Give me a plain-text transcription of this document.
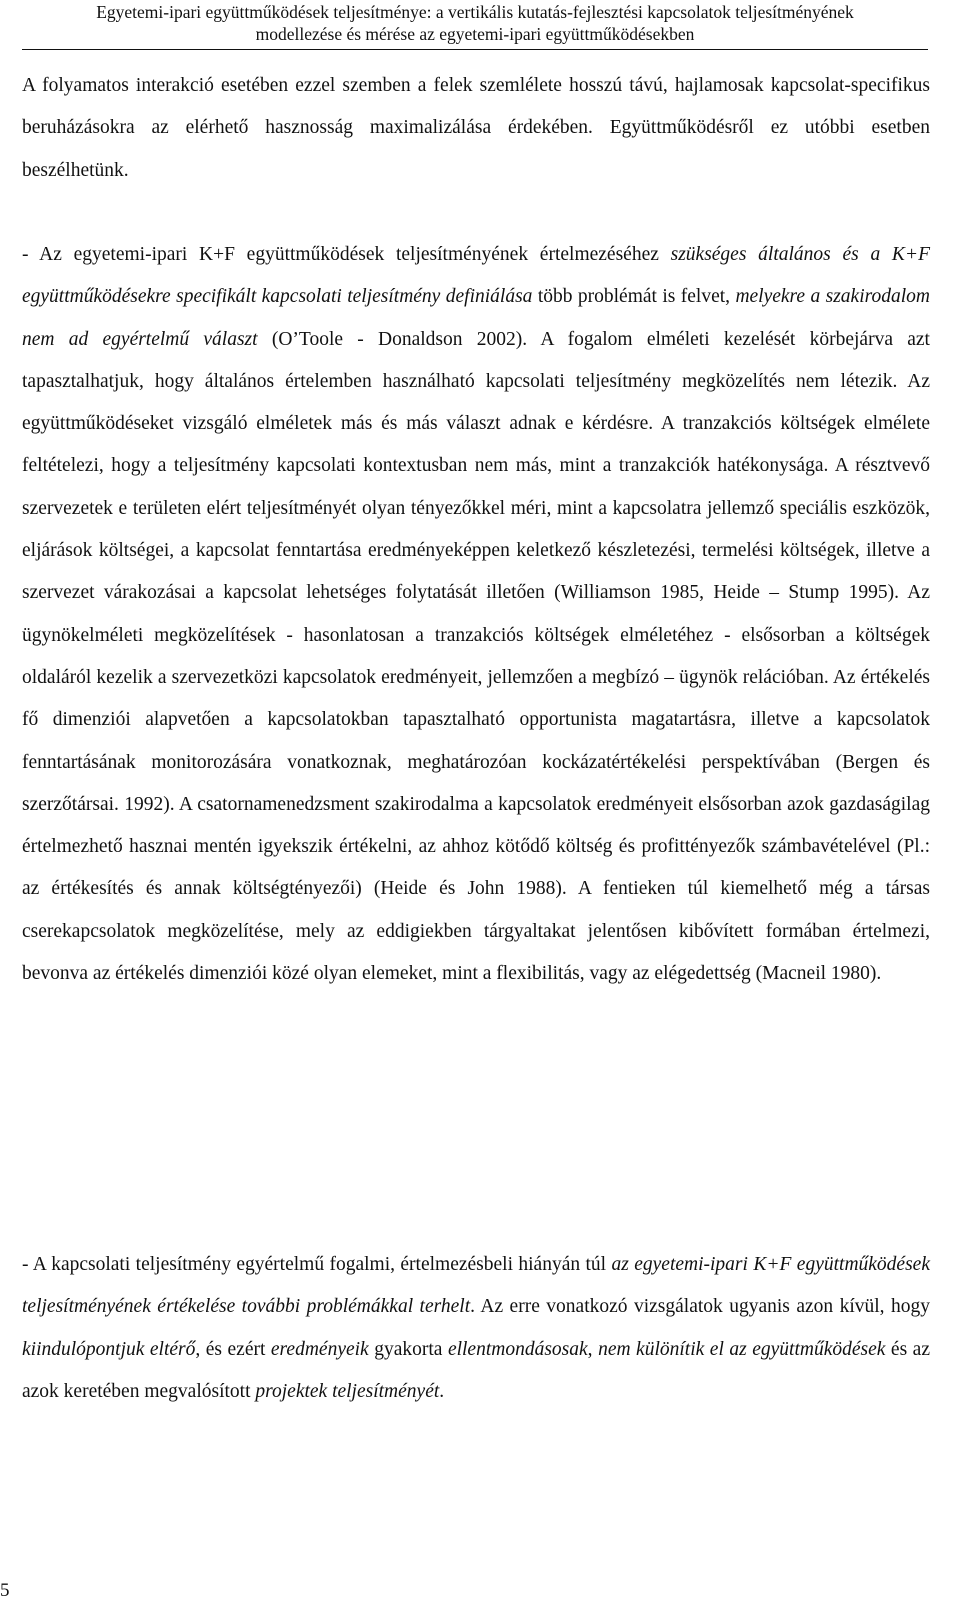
Egyetemi-ipari együttműködések teljesítménye: a vertikális kutatás-fejlesztési kapcsolatok teljesítményének
modellezése és mérése az egyetemi-ipari együttműködésekben

A folyamatos interakció esetében ezzel szemben a felek szemlélete hosszú távú, hajlamosak kapcsolat-specifikus beruházásokra az elérhető hasznosság maximalizálása érdekében. Együttműködésről ez utóbbi esetben beszélhetünk.

- Az egyetemi-ipari K+F együttműködések teljesítményének értelmezéséhez szükséges általános és a K+F együttműködésekre specifikált kapcsolati teljesítmény definiálása több problémát is felvet, melyekre a szakirodalom nem ad egyértelmű választ (O’Toole - Donaldson 2002). A fogalom elméleti kezelését körbejárva azt tapasztalhatjuk, hogy általános értelemben használható kapcsolati teljesítmény megközelítés nem létezik. Az együttműködéseket vizsgáló elméletek más és más választ adnak e kérdésre. A tranzakciós költségek elmélete feltételezi, hogy a teljesítmény kapcsolati kontextusban nem más, mint a tranzakciók hatékonysága. A résztvevő szervezetek e területen elért teljesítményét olyan tényezőkkel méri, mint a kapcsolatra jellemző speciális eszközök, eljárások költségei, a kapcsolat fenntartása eredményeképpen keletkező készletezési, termelési költségek, illetve a szervezet várakozásai a kapcsolat lehetséges folytatását illetően (Williamson 1985, Heide – Stump 1995). Az ügynökelméleti megközelítések - hasonlatosan a tranzakciós költségek elméletéhez - elsősorban a költségek oldaláról kezelik a szervezetközi kapcsolatok eredményeit, jellemzően a megbízó – ügynök relációban. Az értékelés fő dimenziói alapvetően a kapcsolatokban tapasztalható opportunista magatartásra, illetve a kapcsolatok fenntartásának monitorozására vonatkoznak, meghatározóan kockázatértékelési perspektívában (Bergen és szerzőtársai. 1992). A csatornamenedzsment szakirodalma a kapcsolatok eredményeit elsősorban azok gazdaságilag értelmezhető hasznai mentén igyekszik értékelni, az ahhoz kötődő költség és profittényezők számbavételével (Pl.: az értékesítés és annak költségtényezői) (Heide és John 1988). A fentieken túl kiemelhető még a társas cserekapcsolatok megközelítése, mely az eddigiekben tárgyaltakat jelentősen kibővített formában értelmezi, bevonva az értékelés dimenziói közé olyan elemeket, mint a flexibilitás, vagy az elégedettség (Macneil 1980).

- A kapcsolati teljesítmény egyértelmű fogalmi, értelmezésbeli hiányán túl az egyetemi-ipari K+F együttműködések teljesítményének értékelése további problémákkal terhelt. Az erre vonatkozó vizsgálatok ugyanis azon kívül, hogy kiindulópontjuk eltérő, és ezért eredményeik gyakorta ellentmondásosak, nem különítik el az együttműködések és az azok keretében megvalósított projektek teljesítményét.

5
